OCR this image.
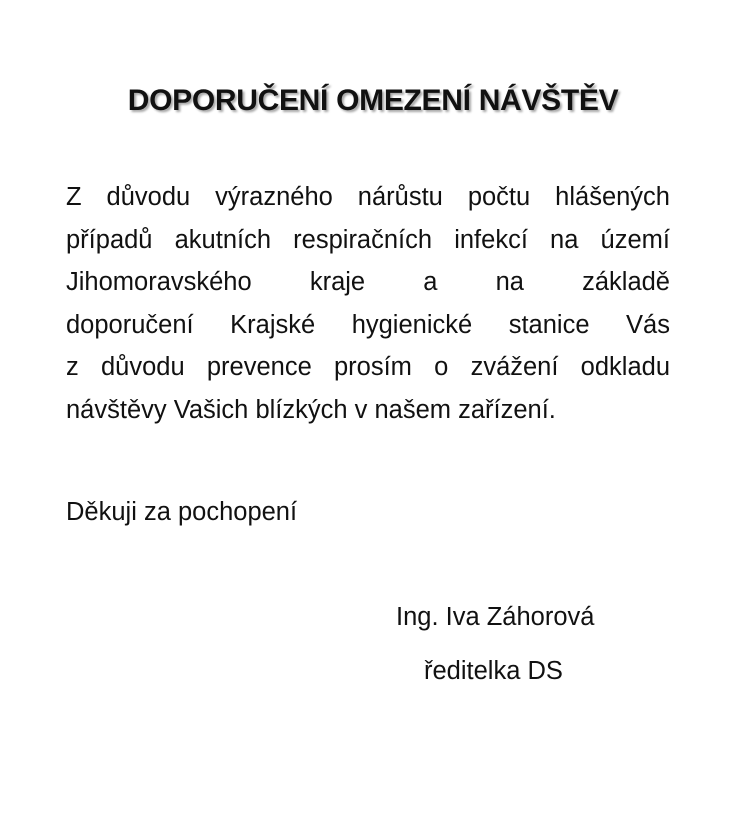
DOPORUČENÍ OMEZENÍ NÁVŠTĚV
Z důvodu výrazného nárůstu počtu hlášených
případů akutních respiračních infekcí na území
Jihomoravského kraje a na základě
doporučení Krajské hygienické stanice Vás
z důvodu prevence prosím o zvážení odkladu
návštěvy Vašich blízkých v našem zařízení.
Děkuji za pochopení
Ing. Iva Záhorová
ředitelka DS
